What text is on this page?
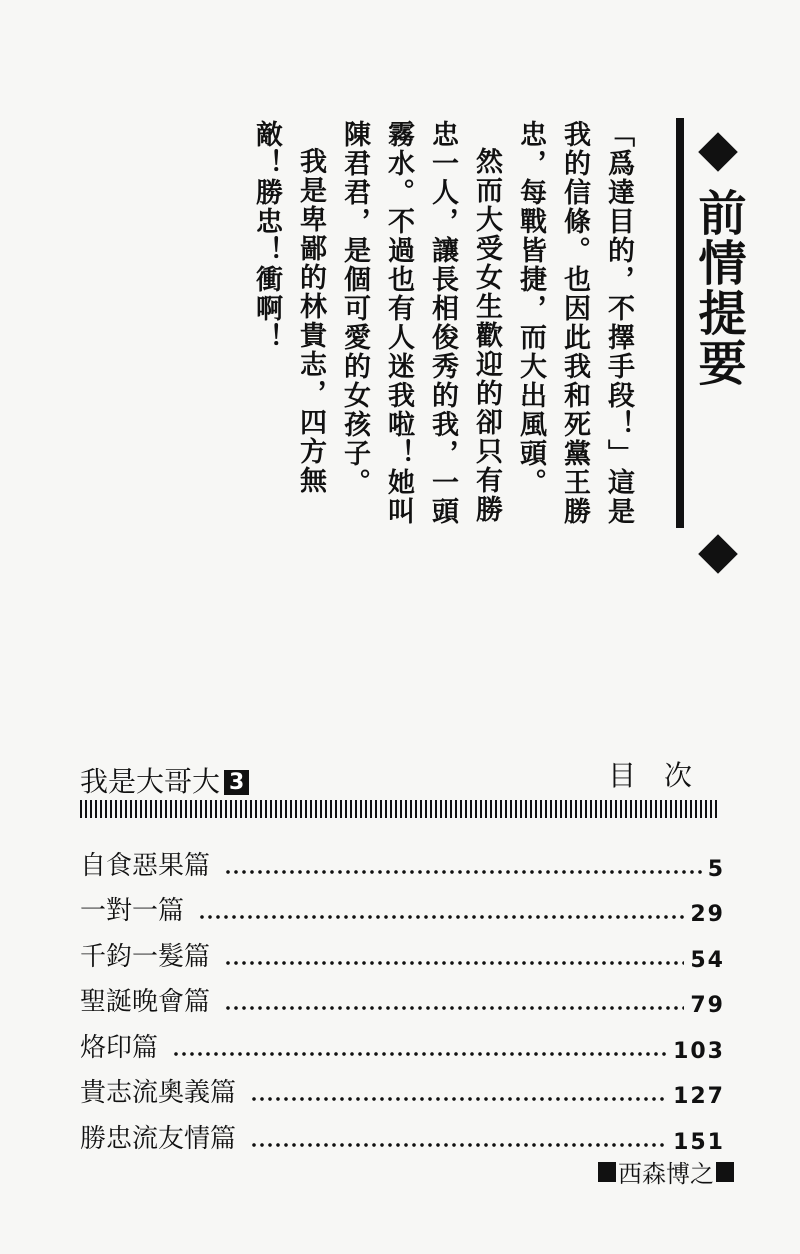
前情提要

「爲達目的，不擇手段！」這是我的信條。也因此我和死黨王勝忠，每戰皆捷，而大出風頭。

然而大受女生歡迎的卻只有勝忠一人，讓長相俊秀的我，一頭霧水。不過也有人迷我啦！她叫陳君君，是個可愛的女孩子。

我是卑鄙的林貴志，四方無敵！勝忠！衝啊！

我是大哥大 3	目次
自食惡果篇	5
一對一篇	29
千鈞一髮篇	54
聖誕晚會篇	79
烙印篇	103
貴志流奧義篇	127
勝忠流友情篇	151
西森博之
